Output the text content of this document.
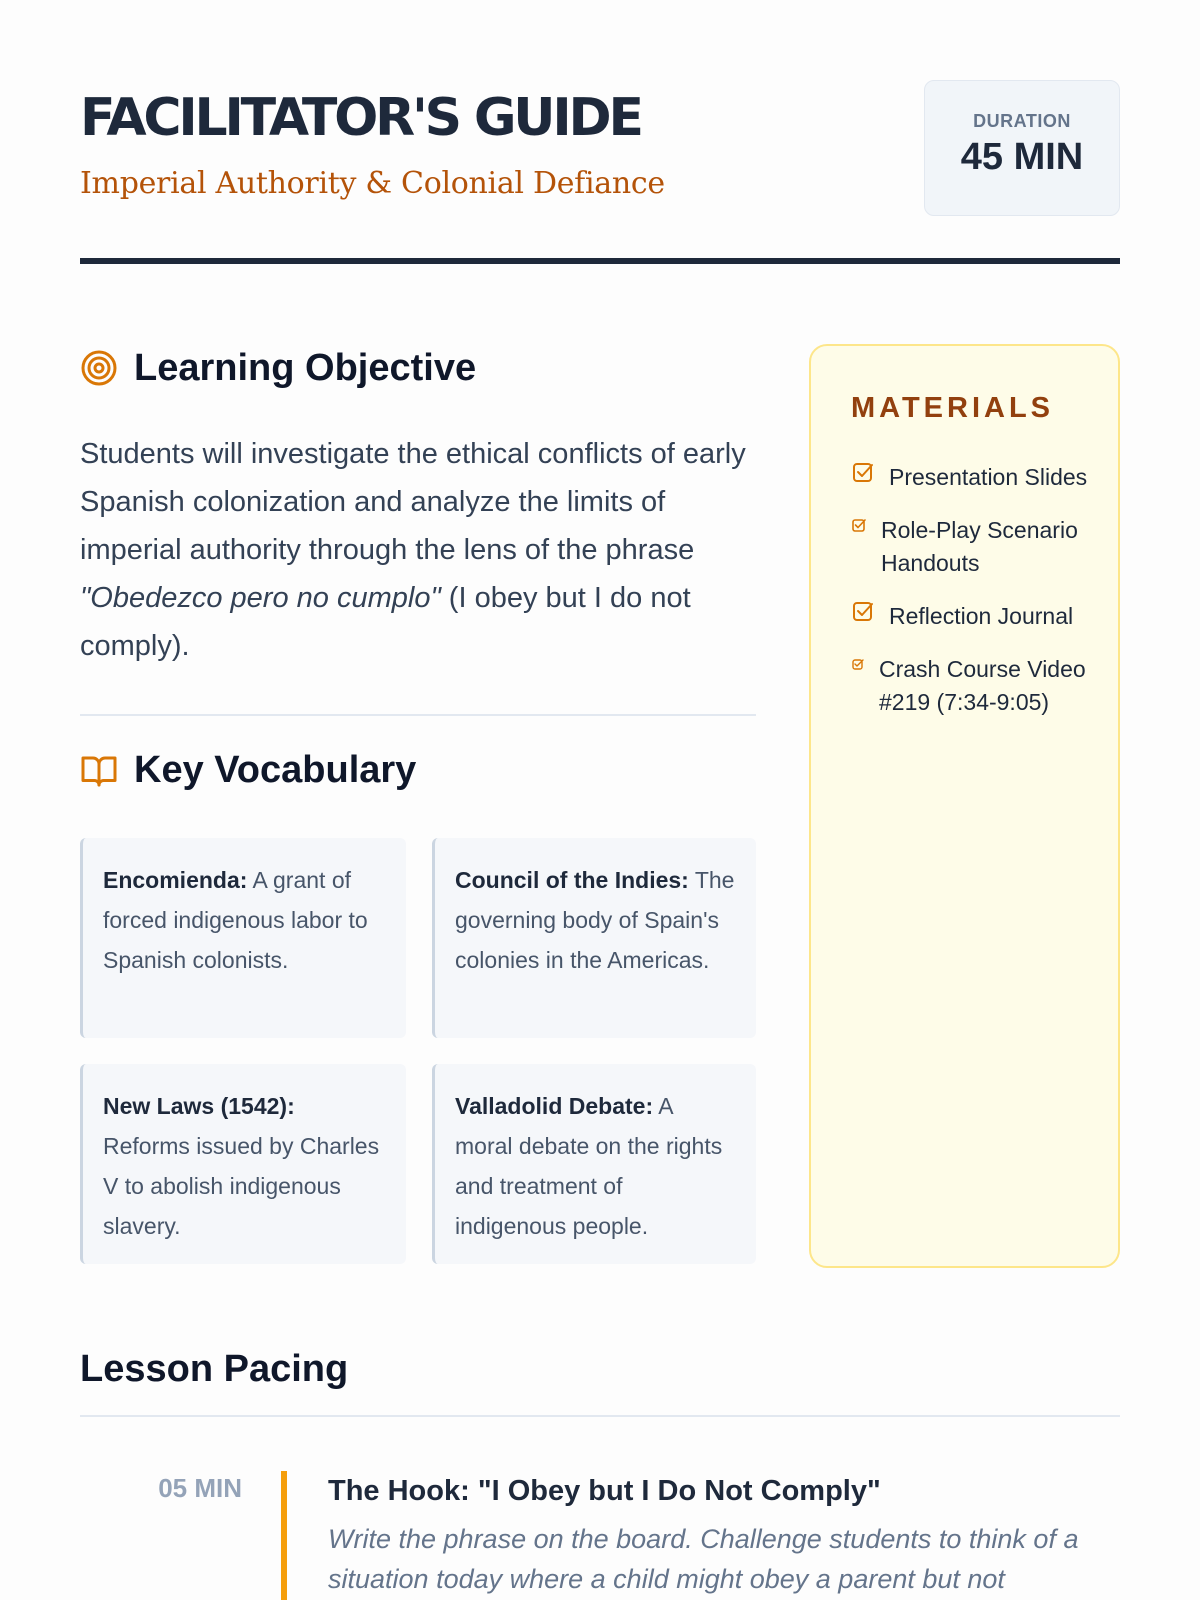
FACILITATOR'S GUIDE
Imperial Authority & Colonial Defiance
DURATION
45 MIN
Learning Objective

Students will investigate the ethical conflicts of early Spanish colonization and analyze the limits of imperial authority through the lens of the phrase "Obedezco pero no cumplo" (I obey but I do not comply).

Key Vocabulary
Encomienda: A grant of forced indigenous labor to Spanish colonists.
Council of the Indies: The governing body of Spain's colonies in the Americas.
New Laws (1542): Reforms issued by Charles V to abolish indigenous slavery.
Valladolid Debate: A moral debate on the rights and treatment of indigenous people.
MATERIALS
Presentation Slides
Role-Play Scenario Handouts
Reflection Journal
Crash Course Video #219 (7:34-9:05)
Lesson Pacing
05 MIN	The Hook: "I Obey but I Do Not Comply"
Write the phrase on the board. Challenge students to think of a situation today where a child might obey a parent but not
